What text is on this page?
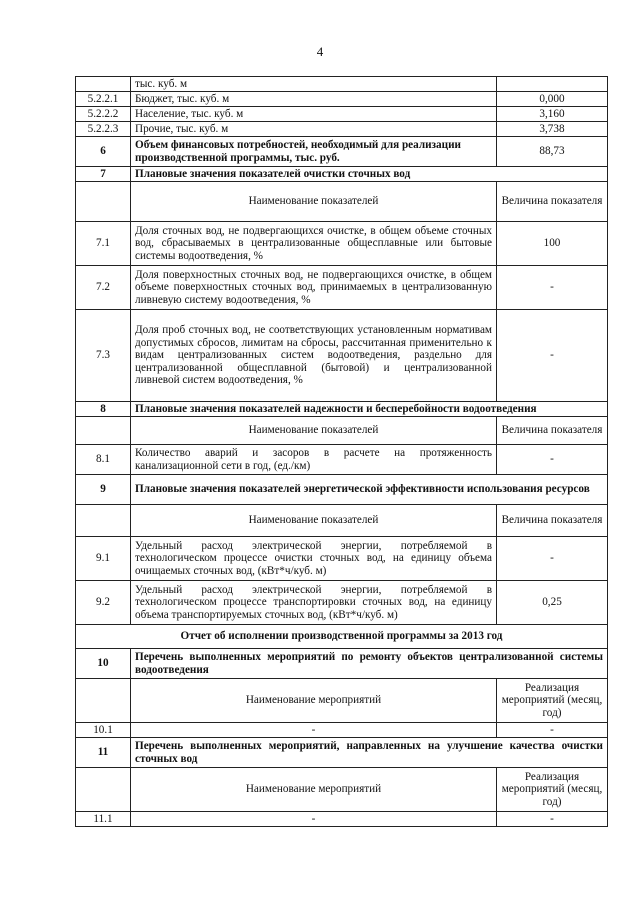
4
	тыс. куб. м	
5.2.2.1	Бюджет, тыс. куб. м	0,000
5.2.2.2	Население, тыс. куб. м	3,160
5.2.2.3	Прочие, тыс. куб. м	3,738
6	Объем финансовых потребностей, необходимый для реализации производственной программы, тыс. руб.	88,73
7	Плановые значения показателей очистки сточных вод	
	Наименование показателей	Величина показателя
7.1	Доля сточных вод, не подвергающихся очистке, в общем объеме сточных вод, сбрасываемых в централизованные общесплавные или бытовые системы водоотведения, %	100
7.2	Доля поверхностных сточных вод, не подвергающихся очистке, в общем объеме поверхностных сточных вод, принимаемых в централизованную ливневую систему водоотведения, %	-
7.3	Доля проб сточных вод, не соответствующих установленным нормативам допустимых сбросов, лимитам на сбросы, рассчитанная применительно к видам централизованных систем водоотведения, раздельно для централизованной общесплавной (бытовой) и централизованной ливневой систем водоотведения, %	-
8	Плановые значения показателей надежности и бесперебойности водоотведения	
	Наименование показателей	Величина показателя
8.1	Количество аварий и засоров в расчете на протяженность канализационной сети в год, (ед./км)	-
9	Плановые значения показателей энергетической эффективности использования ресурсов	
	Наименование показателей	Величина показателя
9.1	Удельный расход электрической энергии, потребляемой в технологическом процессе очистки сточных вод, на единицу объема очищаемых сточных вод, (кВт*ч/куб. м)	-
9.2	Удельный расход электрической энергии, потребляемой в технологическом процессе транспортировки сточных вод, на единицу объема транспортируемых сточных вод, (кВт*ч/куб. м)	0,25
Отчет об исполнении производственной программы за 2013 год		
10	Перечень выполненных мероприятий по ремонту объектов централизованной системы водоотведения	
	Наименование мероприятий	Реализация мероприятий (месяц, год)
10.1	-	-
11	Перечень выполненных мероприятий, направленных на улучшение качества очистки сточных вод	
	Наименование мероприятий	Реализация мероприятий (месяц, год)
11.1	-	-
